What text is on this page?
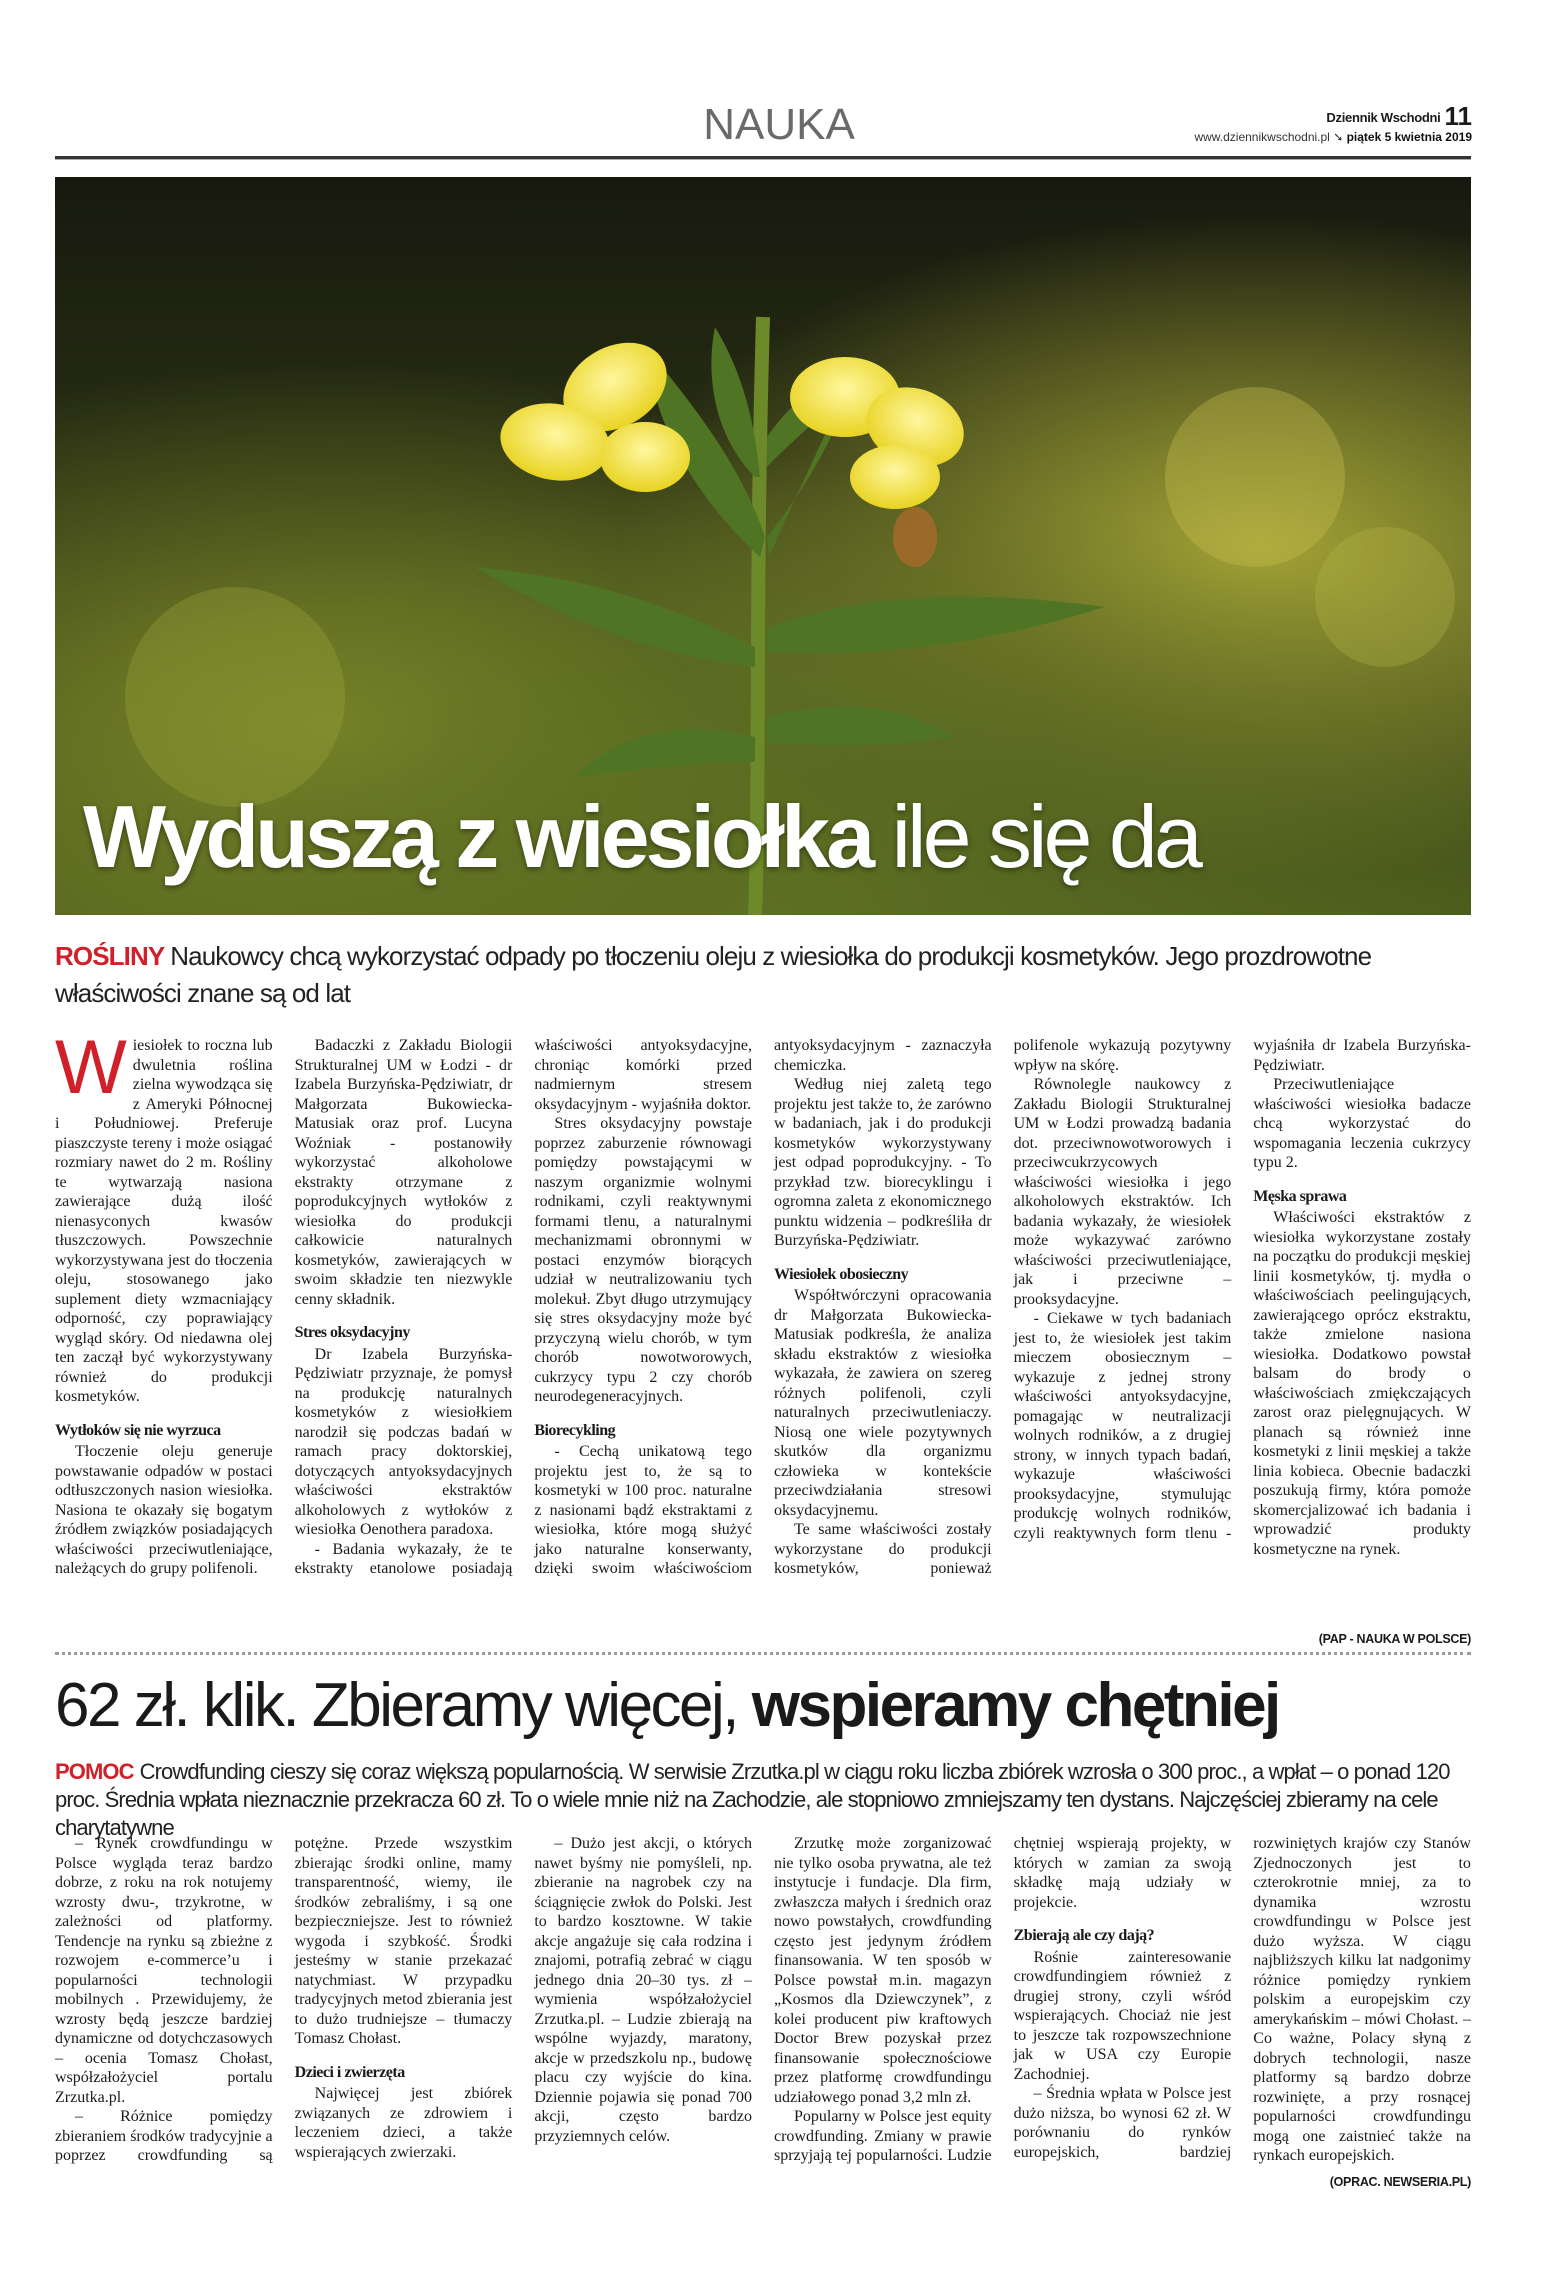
NAUKA	Dziennik Wschodni 11
www.dziennikwschodni.pl ➘ piątek 5 kwietnia 2019
Wyduszą z wiesiołka ile się da
ROŚLINY Naukowcy chcą wykorzystać odpady po tłoczeniu oleju z wiesiołka do produkcji kosmetyków. Jego prozdrowotne właściwości znane są od lat

Wiesiołek to roczna lub dwuletnia roślina zielna wywodząca się z Ameryki Północnej i Południowej. Preferuje piaszczyste tereny i może osiągać rozmiary nawet do 2 m. Rośliny te wytwarzają nasiona zawierające dużą ilość nienasyconych kwasów tłuszczowych. Powszechnie wykorzystywana jest do tłoczenia oleju, stosowanego jako suplement diety wzmacniający odporność, czy poprawiający wygląd skóry. Od niedawna olej ten zaczął być wykorzystywany również do produkcji kosmetyków.

Wytłoków się nie wyrzuca

Tłoczenie oleju generuje powstawanie odpadów w postaci odtłuszczonych nasion wiesiołka. Nasiona te okazały się bogatym źródłem związków posiadających właściwości przeciwutleniające, należących do grupy polifenoli.

Badaczki z Zakładu Biologii Strukturalnej UM w Łodzi - dr Izabela Burzyńska-Pędziwiatr, dr Małgorzata Bukowiecka-Matusiak oraz prof. Lucyna Woźniak - postanowiły wykorzystać alkoholowe ekstrakty otrzymane z poprodukcyjnych wytłoków z wiesiołka do produkcji całkowicie naturalnych kosmetyków, zawierających w swoim składzie ten niezwykle cenny składnik.

Stres oksydacyjny

Dr Izabela Burzyńska-Pędziwiatr przyznaje, że pomysł na produkcję naturalnych kosmetyków z wiesiołkiem narodził się podczas badań w ramach pracy doktorskiej, dotyczących antyoksydacyjnych właściwości ekstraktów alkoholowych z wytłoków z wiesiołka Oenothera paradoxa.

- Badania wykazały, że te ekstrakty etanolowe posiadają właściwości antyoksydacyjne, chroniąc komórki przed nadmiernym stresem oksydacyjnym - wyjaśniła doktor.

Stres oksydacyjny powstaje poprzez zaburzenie równowagi pomiędzy powstającymi w naszym organizmie wolnymi rodnikami, czyli reaktywnymi formami tlenu, a naturalnymi mechanizmami obronnymi w postaci enzymów biorących udział w neutralizowaniu tych molekuł. Zbyt długo utrzymujący się stres oksydacyjny może być przyczyną wielu chorób, w tym chorób nowotworowych, cukrzycy typu 2 czy chorób neurodegeneracyjnych.

Biorecykling

- Cechą unikatową tego projektu jest to, że są to kosmetyki w 100 proc. naturalne z nasionami bądź ekstraktami z wiesiołka, które mogą służyć jako naturalne konserwanty, dzięki swoim właściwościom antyoksydacyjnym - zaznaczyła chemiczka.

Według niej zaletą tego projektu jest także to, że zarówno w badaniach, jak i do produkcji kosmetyków wykorzystywany jest odpad poprodukcyjny. - To przykład tzw. biorecyklingu i ogromna zaleta z ekonomicznego punktu widzenia – podkreśliła dr Burzyńska-Pędziwiatr.

Wiesiołek obosieczny

Współtwórczyni opracowania dr Małgorzata Bukowiecka-Matusiak podkreśla, że analiza składu ekstraktów z wiesiołka wykazała, że zawiera on szereg różnych polifenoli, czyli naturalnych przeciwutleniaczy. Niosą one wiele pozytywnych skutków dla organizmu człowieka w kontekście przeciwdziałania stresowi oksydacyjnemu.

Te same właściwości zostały wykorzystane do produkcji kosmetyków, ponieważ polifenole wykazują pozytywny wpływ na skórę.

Równolegle naukowcy z Zakładu Biologii Strukturalnej UM w Łodzi prowadzą badania dot. przeciwnowotworowych i przeciwcukrzycowych właściwości wiesiołka i jego alkoholowych ekstraktów. Ich badania wykazały, że wiesiołek może wykazywać zarówno właściwości przeciwutleniające, jak i przeciwne – prooksydacyjne.

- Ciekawe w tych badaniach jest to, że wiesiołek jest takim mieczem obosiecznym – wykazuje z jednej strony właściwości antyoksydacyjne, pomagając w neutralizacji wolnych rodników, a z drugiej strony, w innych typach badań, wykazuje właściwości prooksydacyjne, stymulując produkcję wolnych rodników, czyli reaktywnych form tlenu - wyjaśniła dr Izabela Burzyńska-Pędziwiatr.

Przeciwutleniające właściwości wiesiołka badacze chcą wykorzystać do wspomagania leczenia cukrzycy typu 2.

Męska sprawa

Właściwości ekstraktów z wiesiołka wykorzystane zostały na początku do produkcji męskiej linii kosmetyków, tj. mydła o właściwościach peelingujących, zawierającego oprócz ekstraktu, także zmielone nasiona wiesiołka. Dodatkowo powstał balsam do brody o właściwościach zmiękczających zarost oraz pielęgnujących. W planach są również inne kosmetyki z linii męskiej a także linia kobieca. Obecnie badaczki poszukują firmy, która pomoże skomercjalizować ich badania i wprowadzić produkty kosmetyczne na rynek.

(PAP - NAUKA W POLSCE)
62 zł. klik. Zbieramy więcej, wspieramy chętniej
POMOC Crowdfunding cieszy się coraz większą popularnością. W serwisie Zrzutka.pl w ciągu roku liczba zbiórek wzrosła o 300 proc., a wpłat – o ponad 120 proc. Średnia wpłata nieznacznie przekracza 60 zł. To o wiele mnie niż na Zachodzie, ale stopniowo zmniejszamy ten dystans. Najczęściej zbieramy na cele charytatywne

– Rynek crowdfundingu w Polsce wygląda teraz bardzo dobrze, z roku na rok notujemy wzrosty dwu-, trzykrotne, w zależności od platformy. Tendencje na rynku są zbieżne z rozwojem e-commerce’u i popularności technologii mobilnych . Przewidujemy, że wzrosty będą jeszcze bardziej dynamiczne od dotychczasowych – ocenia Tomasz Chołast, współzałożyciel portalu Zrzutka.pl.

– Różnice pomiędzy zbieraniem środków tradycyjnie a poprzez crowdfunding są potężne. Przede wszystkim zbierając środki online, mamy transparentność, wiemy, ile środków zebraliśmy, i są one bezpieczniejsze. Jest to również wygoda i szybkość. Środki jesteśmy w stanie przekazać natychmiast. W przypadku tradycyjnych metod zbierania jest to dużo trudniejsze – tłumaczy Tomasz Chołast.

Dzieci i zwierzęta

Najwięcej jest zbiórek związanych ze zdrowiem i leczeniem dzieci, a także wspierających zwierzaki.

– Dużo jest akcji, o których nawet byśmy nie pomyśleli, np. zbieranie na nagrobek czy na ściągnięcie zwłok do Polski. Jest to bardzo kosztowne. W takie akcje angażuje się cała rodzina i znajomi, potrafią zebrać w ciągu jednego dnia 20–30 tys. zł – wymienia współzałożyciel Zrzutka.pl. – Ludzie zbierają na wspólne wyjazdy, maratony, akcje w przedszkolu np., budowę placu czy wyjście do kina. Dziennie pojawia się ponad 700 akcji, często bardzo przyziemnych celów.

Zrzutkę może zorganizować nie tylko osoba prywatna, ale też instytucje i fundacje. Dla firm, zwłaszcza małych i średnich oraz nowo powstałych, crowdfunding często jest jedynym źródłem finansowania. W ten sposób w Polsce powstał m.in. magazyn „Kosmos dla Dziewczynek”, z kolei producent piw kraftowych Doctor Brew pozyskał przez finansowanie społecznościowe przez platformę crowdfundingu udziałowego ponad 3,2 mln zł.

Popularny w Polsce jest equity crowdfunding. Zmiany w prawie sprzyjają tej popularności. Ludzie chętniej wspierają projekty, w których w zamian za swoją składkę mają udziały w projekcie.

Zbierają ale czy dają?

Rośnie zainteresowanie crowdfundingiem również z drugiej strony, czyli wśród wspierających. Chociaż nie jest to jeszcze tak rozpowszechnione jak w USA czy Europie Zachodniej.

– Średnia wpłata w Polsce jest dużo niższa, bo wynosi 62 zł. W porównaniu do rynków europejskich, bardziej rozwiniętych krajów czy Stanów Zjednoczonych jest to czterokrotnie mniej, za to dynamika wzrostu crowdfundingu w Polsce jest dużo wyższa. W ciągu najbliższych kilku lat nadgonimy różnice pomiędzy rynkiem polskim a europejskim czy amerykańskim – mówi Chołast. – Co ważne, Polacy słyną z dobrych technologii, nasze platformy są bardzo dobrze rozwinięte, a przy rosnącej popularności crowdfundingu mogą one zaistnieć także na rynkach europejskich.

(OPRAC. NEWSERIA.PL)
